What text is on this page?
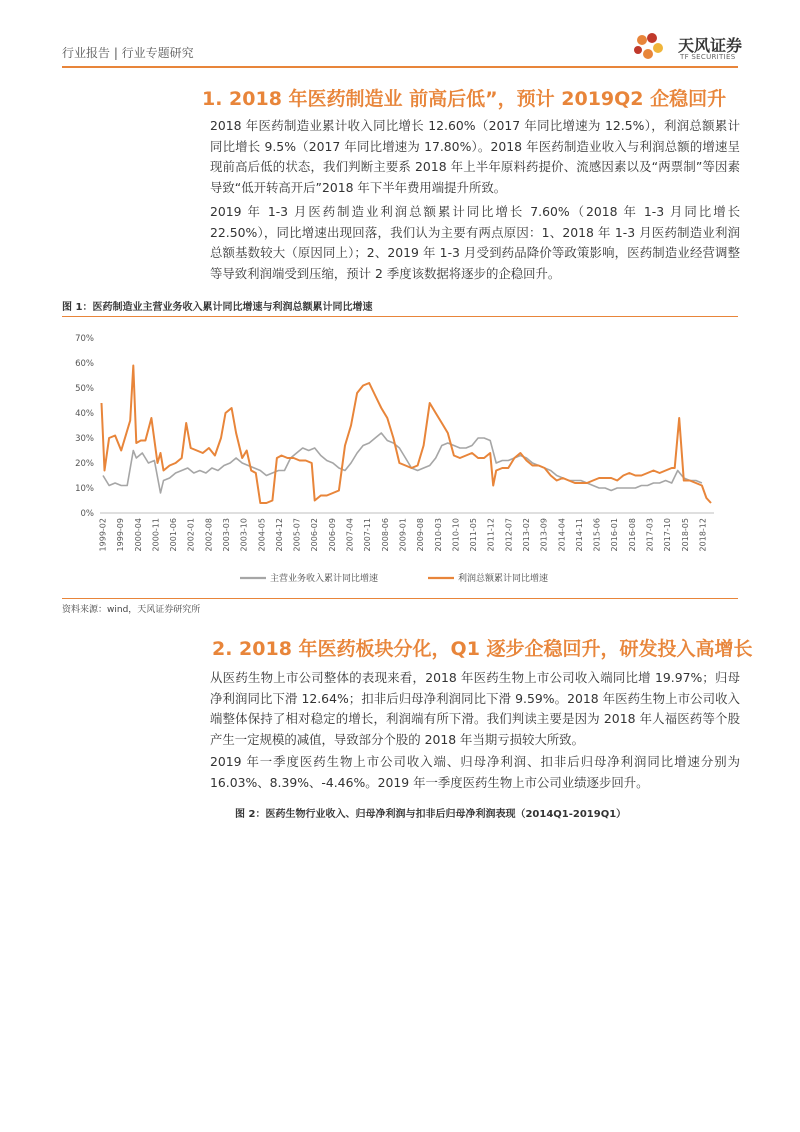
行业报告 | 行业专题研究	天风证券
TF SECURITIES
1. 2018 年医药制造业 前高后低”，预计 2019Q2 企稳回升

2018 年医药制造业累计收入同比增长 12.60%（2017 年同比增速为 12.5%），利润总额累计同比增长 9.5%（2017 年同比增速为 17.80%）。2018 年医药制造业收入与利润总额的增速呈现前高后低的状态，我们判断主要系 2018 年上半年原料药提价、流感因素以及“两票制”等因素导致“低开转高开后”2018 年下半年费用端提升所致。

2019 年 1-3 月医药制造业利润总额累计同比增长 7.60%（2018 年 1-3 月同比增长 22.50%），同比增速出现回落，我们认为主要有两点原因：1、2018 年 1-3 月医药制造业利润总额基数较大（原因同上）；2、2019 年 1-3 月受到药品降价等政策影响，医药制造业经营调整等导致利润端受到压缩，预计 2 季度该数据将逐步的企稳回升。

图 1：医药制造业主营业务收入累计同比增速与利润总额累计同比增速
0%
10%
20%
30%
40%
50%
60%
70%
1999-02 1999-09 2000-04 2000-11 2001-06 2002-01 2002-08 2003-03 2003-10 2004-05 2004-12 2005-07 2006-02 2006-09 2007-04 2007-11 2008-06 2009-01 2009-08 2010-03 2010-10 2011-05 2011-12 2012-07 2013-02 2013-09 2014-04 2014-11 2015-06 2016-01 2016-08 2017-03 2017-10 2018-05 2018-12
主营业务收入累计同比增速	利润总额累计同比增速
资料来源：wind，天风证券研究所
2. 2018 年医药板块分化，Q1 逐步企稳回升，研发投入高增长

从医药生物上市公司整体的表现来看，2018 年医药生物上市公司收入端同比增 19.97%；归母净利润同比下滑 12.64%；扣非后归母净利润同比下滑 9.59%。2018 年医药生物上市公司收入端整体保持了相对稳定的增长，利润端有所下滑。我们判读主要是因为 2018 年人福医药等个股产生一定规模的减值，导致部分个股的 2018 年当期亏损较大所致。

2019 年一季度医药生物上市公司收入端、归母净利润、扣非后归母净利润同比增速分别为 16.03%、8.39%、-4.46%。2019 年一季度医药生物上市公司业绩逐步回升。

图 2：医药生物行业收入、归母净利润与扣非后归母净利润表现（2014Q1-2019Q1）
